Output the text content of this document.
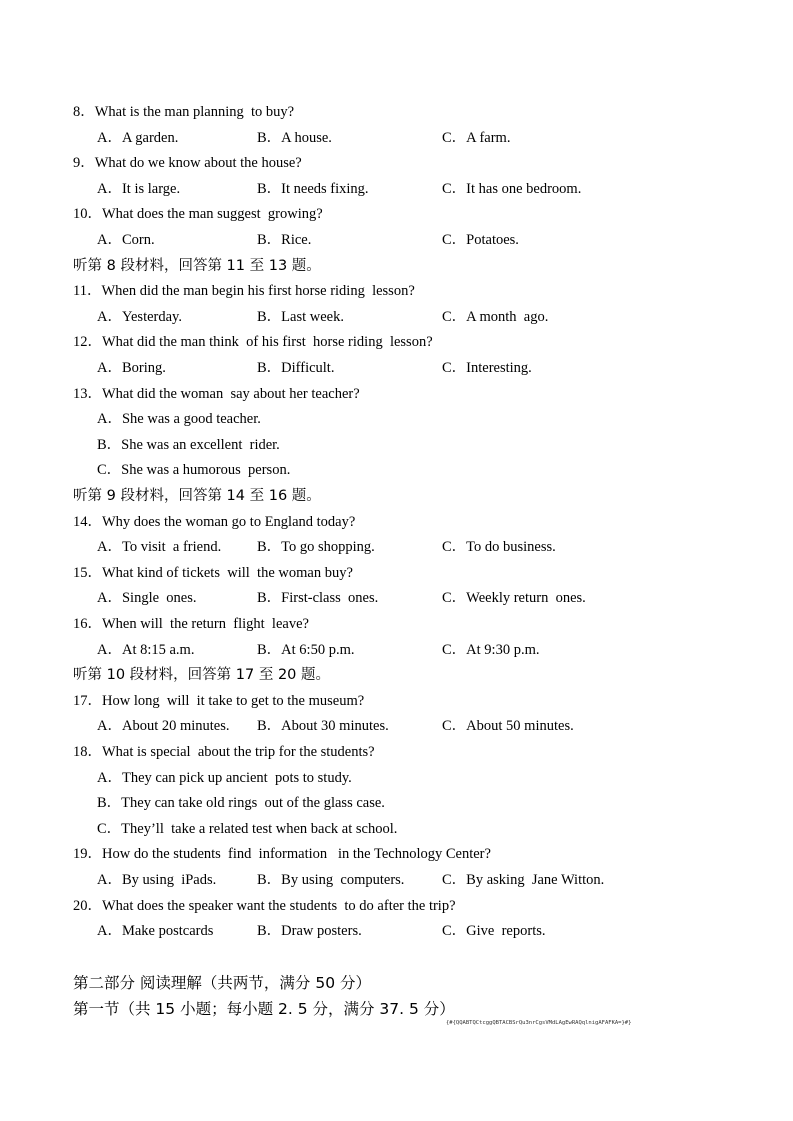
8．What is the man planning  to buy?
A．A garden.	B．A house.	C．A farm.
9．What do we know about the house?
A．It is large.	B．It needs fixing.	C．It has one bedroom.
10．What does the man suggest  growing?
A．Corn.	B．Rice.	C．Potatoes.
听第 8 段材料，回答第 11 至 13 题。
11．When did the man begin his first horse riding  lesson?
A．Yesterday.	B．Last week.	C．A month  ago.
12．What did the man think  of his first  horse riding  lesson?
A．Boring.	B．Difficult.	C．Interesting.
13．What did the woman  say about her teacher?
A．She was a good teacher.
B．She was an excellent  rider.
C．She was a humorous  person.
听第 9 段材料，回答第 14 至 16 题。
14．Why does the woman go to England today?
A．To visit  a friend. B．To go shopping.	C．To do business.
15．What kind of tickets  will  the woman buy?
A．Single  ones.	B．First-class  ones.	C．Weekly return  ones.
16．When will  the return  flight  leave?
A．At 8:15 a.m.	B．At 6:50 p.m.	C．At 9:30 p.m.
听第 10 段材料，回答第 17 至 20 题。
17．How long  will  it take to get to the museum?
A．About 20 minutes. B．About 30 minutes.	C．About 50 minutes.
18．What is special  about the trip for the students?
A．They can pick up ancient  pots to study.
B．They can take old rings  out of the glass case.
C．They’ll  take a related test when back at school.
19．How do the students  find  information   in the Technology Center?
A．By using  iPads.	B．By using  computers.	C．By asking  Jane Witton.
20．What does the speaker want the students  to do after the trip?
A．Make postcards	B．Draw posters.	C．Give  reports.
第二部分 阅读理解（共两节，满分 50 分）
第一节（共 15 小题；每小题 2. 5 分，满分 37. 5 分）
{#{QQABTQCtcggQBTACBSrQu3nrCgsVMdLAgEwRAQqlnigAFAFKA=}#}
